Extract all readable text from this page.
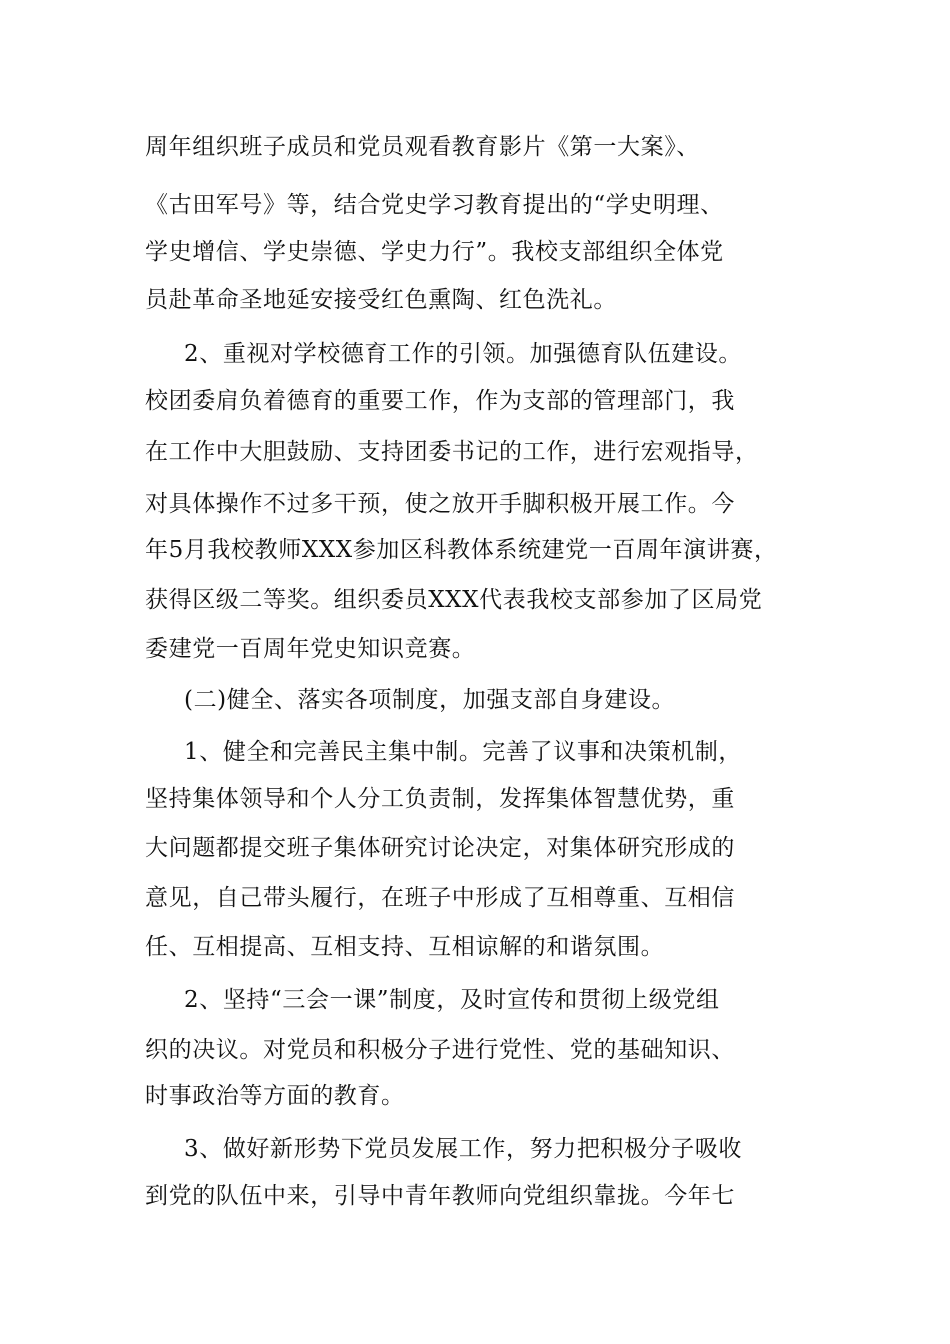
周年组织班子成员和党员观看教育影片《第一大案》、
《古田军号》等，结合党史学习教育提出的“学史明理、
学史增信、学史崇德、学史力行”。我校支部组织全体党
员赴革命圣地延安接受红色熏陶、红色洗礼。
2、重视对学校德育工作的引领。加强德育队伍建设。
校团委肩负着德育的重要工作，作为支部的管理部门，我
在工作中大胆鼓励、支持团委书记的工作，进行宏观指导，
对具体操作不过多干预，使之放开手脚积极开展工作。今
年5月我校教师XXX参加区科教体系统建党一百周年演讲赛，
获得区级二等奖。组织委员XXX代表我校支部参加了区局党
委建党一百周年党史知识竞赛。
(二)健全、落实各项制度，加强支部自身建设。
1、健全和完善民主集中制。完善了议事和决策机制，
坚持集体领导和个人分工负责制，发挥集体智慧优势，重
大问题都提交班子集体研究讨论决定，对集体研究形成的
意见，自己带头履行，在班子中形成了互相尊重、互相信
任、互相提高、互相支持、互相谅解的和谐氛围。
2、坚持“三会一课”制度，及时宣传和贯彻上级党组
织的决议。对党员和积极分子进行党性、党的基础知识、
时事政治等方面的教育。
3、做好新形势下党员发展工作，努力把积极分子吸收
到党的队伍中来，引导中青年教师向党组织靠拢。今年七
